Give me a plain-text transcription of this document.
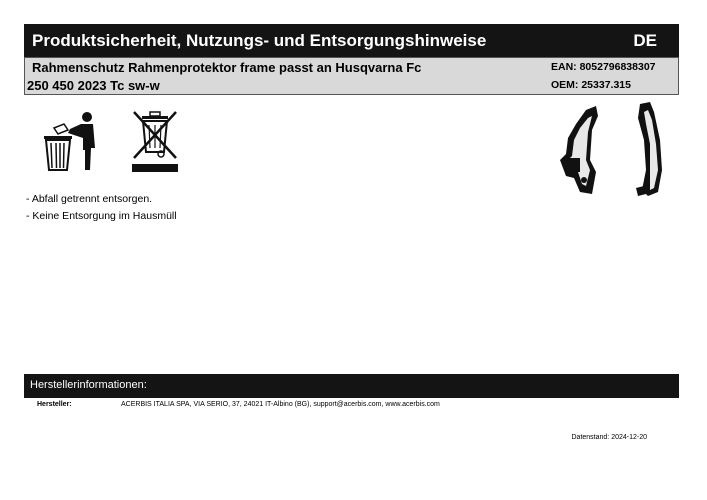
Produktsicherheit, Nutzungs- und Entsorgungshinweise	DE
Rahmenschutz Rahmenprotektor frame passt an Husqvarna Fc
250 450 2023 Tc sw-w
EAN: 8052796838307
OEM: 25337.315
- Abfall getrennt entsorgen.
- Keine Entsorgung im Hausmüll
Herstellerinformationen:
Hersteller:	ACERBIS ITALIA SPA, VIA SERIO, 37, 24021 IT-Albino (BG), support@acerbis.com, www.acerbis.com
Datenstand: 2024-12-20
